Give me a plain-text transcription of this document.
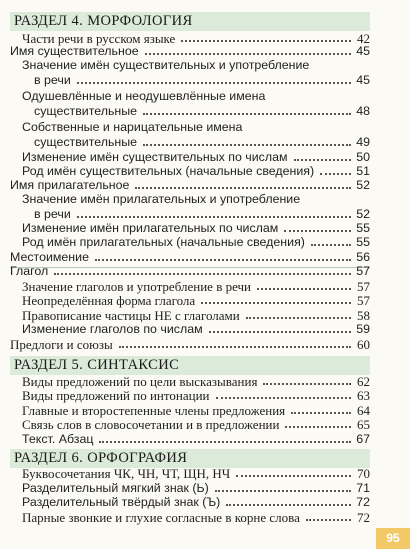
РАЗДЕЛ 4. МОРФОЛОГИЯ
Части речи в русском языке	42
Имя существительное	45
Значение имён существительных и употребление
в речи	45
Одушевлённые и неодушевлённые имена
существительные	48
Собственные и нарицательные имена
существительные	49
Изменение имён существительных по числам	50
Род имён существительных (начальные сведения)	51
Имя прилагательное	52
Значение имён прилагательных и употребление
в речи	52
Изменение имён прилагательных по числам	55
Род имён прилагательных (начальные сведения)	55
Местоимение	56
Глагол	57
Значение глаголов и употребление в речи	57
Неопределённая форма глагола	57
Правописание частицы НЕ с глаголами	58
Изменение глаголов по числам	59
Предлоги и союзы	60
РАЗДЕЛ 5. СИНТАКСИС
Виды предложений по цели высказывания	62
Виды предложений по интонации	63
Главные и второстепенные члены предложения	64
Связь слов в словосочетании и в предложении	65
Текст. Абзац	67
РАЗДЕЛ 6. ОРФОГРАФИЯ
Буквосочетания ЧК, ЧН, ЧТ, ЩН, НЧ	70
Разделительный мягкий знак (Ь)	71
Разделительный твёрдый знак (Ъ)	72
Парные звонкие и глухие согласные в корне слова	72
95
